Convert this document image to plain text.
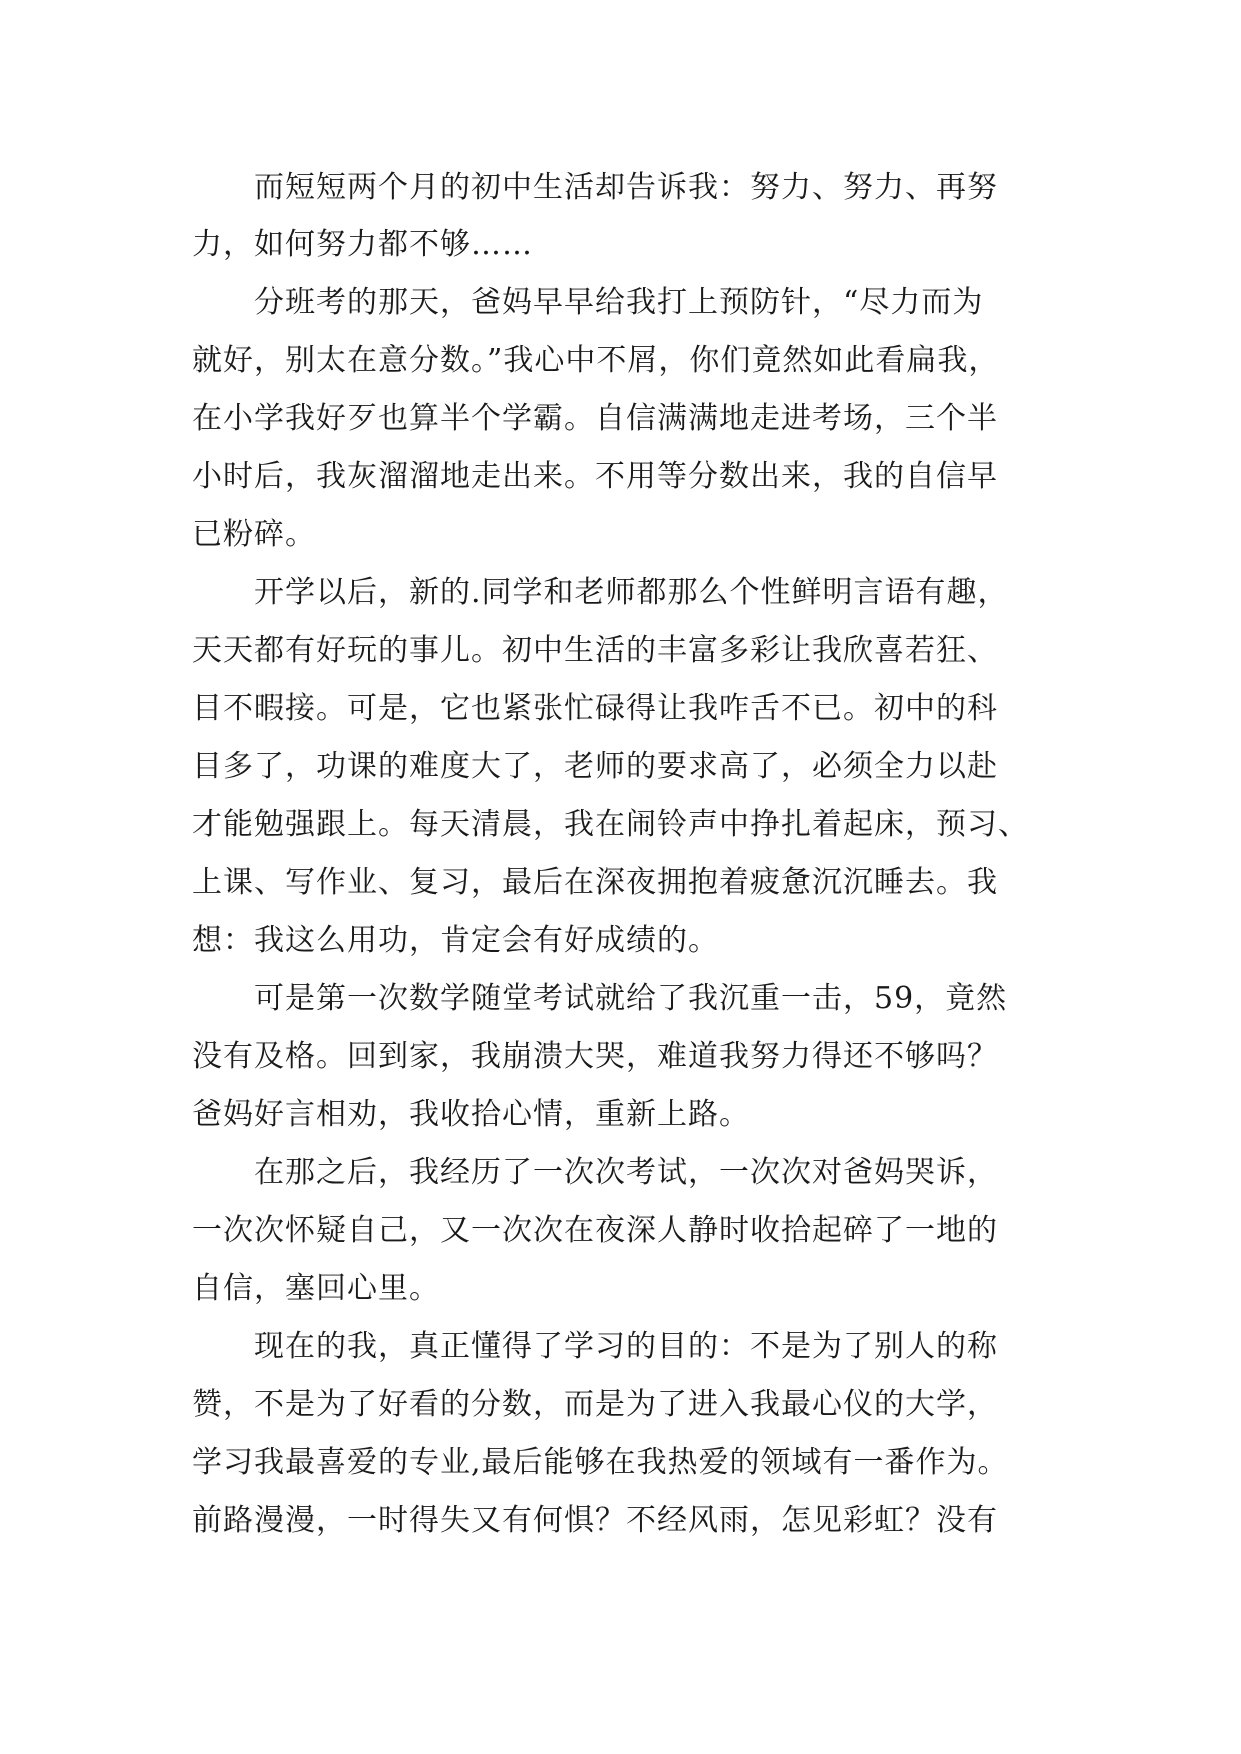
而短短两个月的初中生活却告诉我：努力、努力、再努

力，如何努力都不够……

分班考的那天，爸妈早早给我打上预防针，“尽力而为

就好，别太在意分数。”我心中不屑，你们竟然如此看扁我，

在小学我好歹也算半个学霸。自信满满地走进考场，三个半

小时后，我灰溜溜地走出来。不用等分数出来，我的自信早

已粉碎。

开学以后，新的.同学和老师都那么个性鲜明言语有趣，

天天都有好玩的事儿。初中生活的丰富多彩让我欣喜若狂、

目不暇接。可是，它也紧张忙碌得让我咋舌不已。初中的科

目多了，功课的难度大了，老师的要求高了，必须全力以赴

才能勉强跟上。每天清晨，我在闹铃声中挣扎着起床，预习、

上课、写作业、复习，最后在深夜拥抱着疲惫沉沉睡去。我

想：我这么用功，肯定会有好成绩的。

可是第一次数学随堂考试就给了我沉重一击，59，竟然

没有及格。回到家，我崩溃大哭，难道我努力得还不够吗？

爸妈好言相劝，我收拾心情，重新上路。

在那之后，我经历了一次次考试，一次次对爸妈哭诉，

一次次怀疑自己，又一次次在夜深人静时收拾起碎了一地的

自信，塞回心里。

现在的我，真正懂得了学习的目的：不是为了别人的称

赞，不是为了好看的分数，而是为了进入我最心仪的大学，

学习我最喜爱的专业,最后能够在我热爱的领域有一番作为。

前路漫漫，一时得失又有何惧？不经风雨，怎见彩虹？没有
